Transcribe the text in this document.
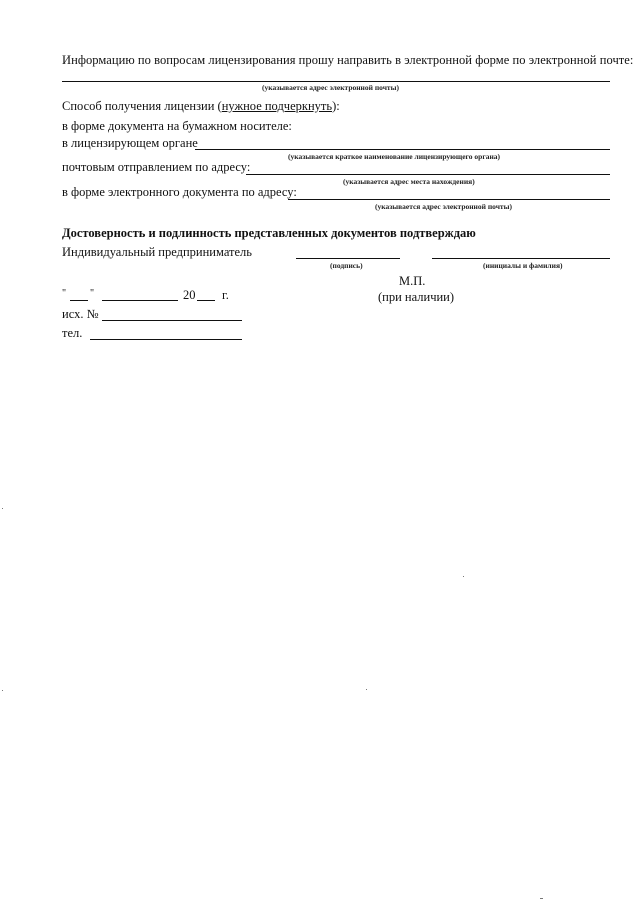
Информацию по вопросам лицензирования прошу направить в электронной форме по электронной почте:
(указывается адрес электронной почты)
Способ получения лицензии (нужное подчеркнуть):
в форме документа на бумажном носителе:
в лицензирующем органе
(указывается краткое наименование лицензирующего органа)
почтовым отправлением по адресу:
(указывается адрес места нахождения)
в форме электронного документа по адресу:
(указывается адрес электронной почты)
Достоверность и подлинность представленных документов подтверждаю
Индивидуальный предприниматель
(подпись)	(инициалы и фамилия)
М.П.
(при наличии)
" "	20 г.
исх. №
тел.
